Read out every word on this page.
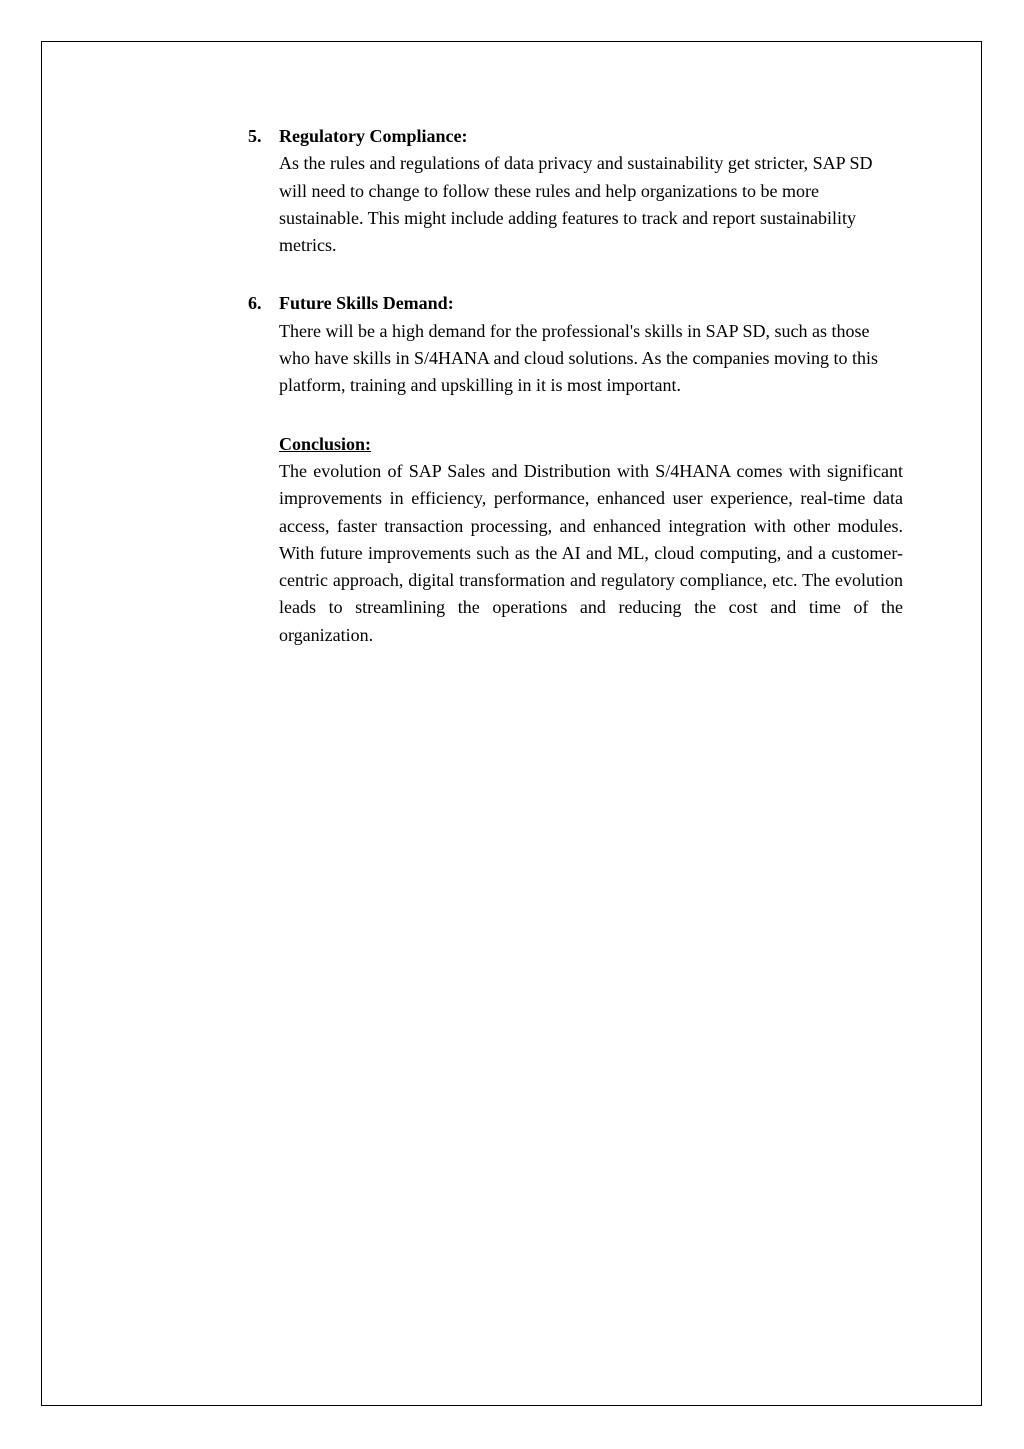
5. Regulatory Compliance:
As the rules and regulations of data privacy and sustainability get stricter, SAP SD will need to change to follow these rules and help organizations to be more sustainable. This might include adding features to track and report sustainability metrics.
6. Future Skills Demand:
There will be a high demand for the professional's skills in SAP SD, such as those who have skills in S/4HANA and cloud solutions. As the companies moving to this platform, training and upskilling in it is most important.
Conclusion:
The evolution of SAP Sales and Distribution with S/4HANA comes with significant improvements in efficiency, performance, enhanced user experience, real-time data access, faster transaction processing, and enhanced integration with other modules. With future improvements such as the AI and ML, cloud computing, and a customer-centric approach, digital transformation and regulatory compliance, etc. The evolution leads to streamlining the operations and reducing the cost and time of the organization.
